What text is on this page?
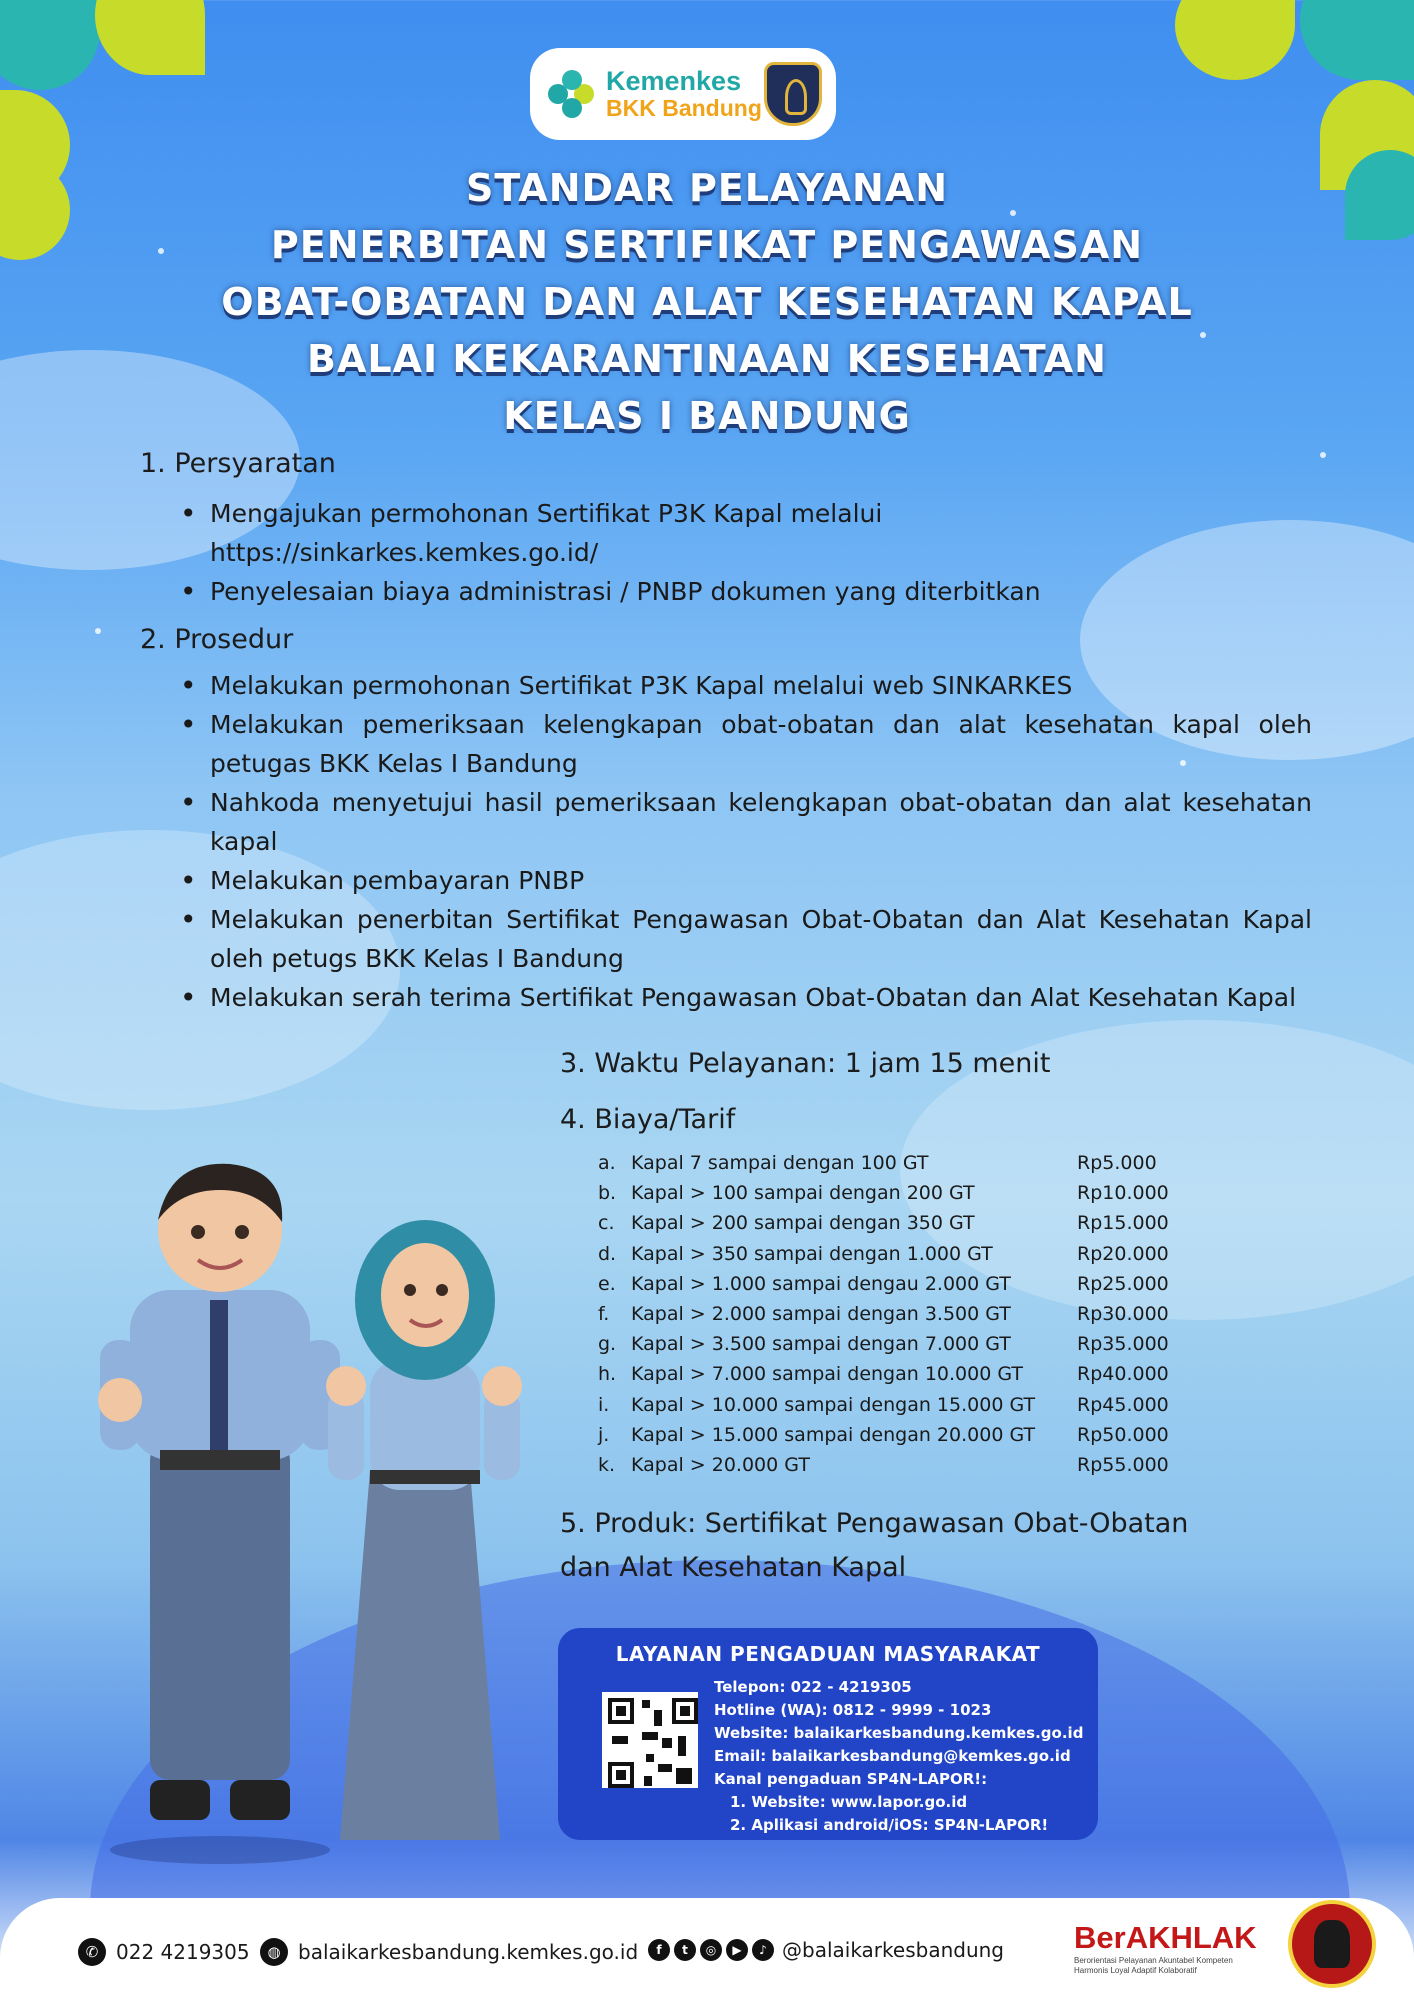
Kemenkes
BKK Bandung
STANDAR PELAYANAN
PENERBITAN SERTIFIKAT PENGAWASAN
OBAT-OBATAN DAN ALAT KESEHATAN KAPAL
BALAI KEKARANTINAAN KESEHATAN
KELAS I BANDUNG
1. Persyaratan
• Mengajukan permohonan Sertifikat P3K Kapal melalui https://sinkarkes.kemkes.go.id/
• Penyelesaian biaya administrasi / PNBP dokumen yang diterbitkan
2. Prosedur
• Melakukan permohonan Sertifikat P3K Kapal melalui web SINKARKES
• Melakukan pemeriksaan kelengkapan obat-obatan dan alat kesehatan kapal oleh petugas BKK Kelas I Bandung
• Nahkoda menyetujui hasil pemeriksaan kelengkapan obat-obatan dan alat kesehatan kapal
• Melakukan pembayaran PNBP
• Melakukan penerbitan Sertifikat Pengawasan Obat-Obatan dan Alat Kesehatan Kapal oleh petugs BKK Kelas I Bandung
• Melakukan serah terima Sertifikat Pengawasan Obat-Obatan dan Alat Kesehatan Kapal
3. Waktu Pelayanan: 1 jam 15 menit
4. Biaya/Tarif
a. Kapal 7 sampai dengan 100 GT	Rp5.000
b. Kapal > 100 sampai dengan 200 GT	Rp10.000
c. Kapal > 200 sampai dengan 350 GT	Rp15.000
d. Kapal > 350 sampai dengan 1.000 GT	Rp20.000
e. Kapal > 1.000 sampai dengau 2.000 GT	Rp25.000
f.	Kapal > 2.000 sampai dengan 3.500 GT	Rp30.000
g. Kapal > 3.500 sampai dengan 7.000 GT	Rp35.000
h. Kapal > 7.000 sampai dengan 10.000 GT	Rp40.000
i.	Kapal > 10.000 sampai dengan 15.000 GT	Rp45.000
j.	Kapal > 15.000 sampai dengan 20.000 GT	Rp50.000
k. Kapal > 20.000 GT	Rp55.000
5. Produk: Sertifikat Pengawasan Obat-Obatan
dan Alat Kesehatan Kapal
LAYANAN PENGADUAN MASYARAKAT
Telepon: 022 - 4219305
Hotline (WA): 0812 - 9999 - 1023
Website: balaikarkesbandung.kemkes.go.id
Email: balaikarkesbandung@kemkes.go.id
Kanal pengaduan SP4N-LAPOR!:
1. Website: www.lapor.go.id
2. Aplikasi android/iOS: SP4N-LAPOR!
✆ 022 4219305	◍ balaikarkesbandung.kemkes.go.id	f	t	◎	▶	♪ @balaikarkesbandung BerAKHLAK
Berorientasi Pelayanan Akuntabel Kompeten
Harmonis Loyal Adaptif Kolaboratif
